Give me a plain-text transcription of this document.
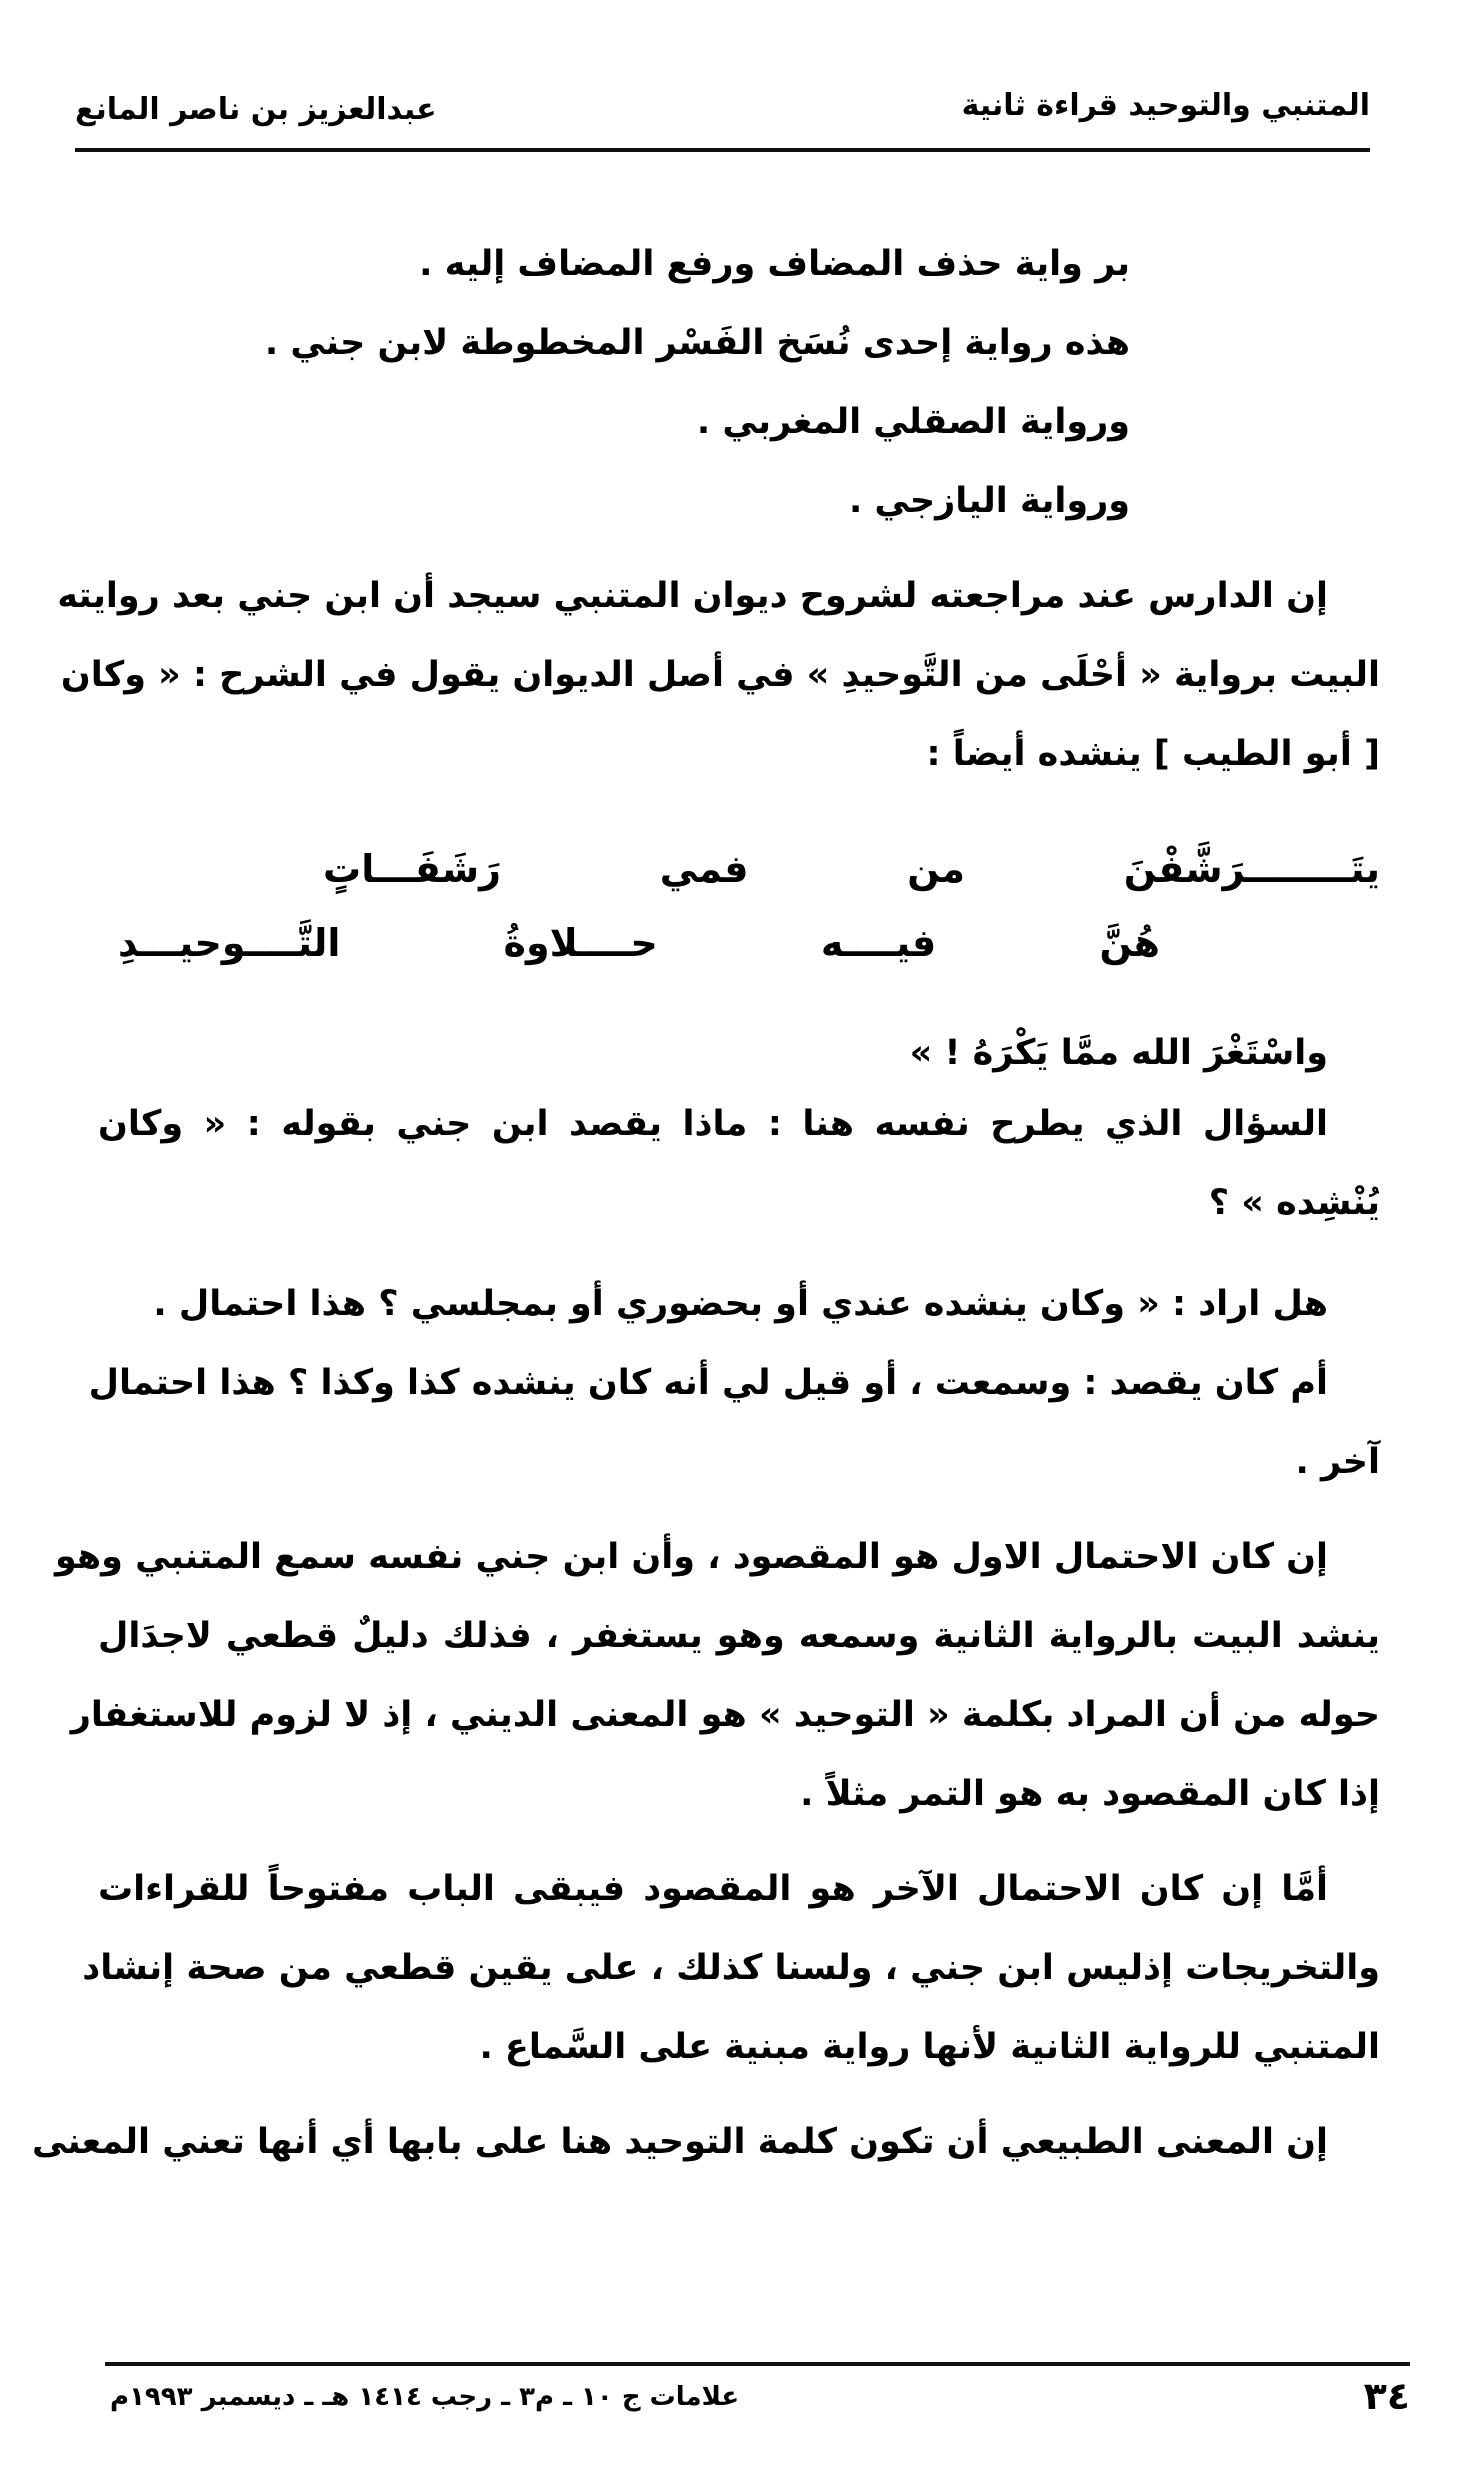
المتنبي والتوحيد قراءة ثانية
عبدالعزيز بن ناصر المانع
بر واية حذف المضاف ورفع المضاف إليه .
هذه رواية إحدى نُسَخ الفَسْر المخطوطة لابن جني .
ورواية الصقلي المغربي .
ورواية اليازجي .
إن الدارس عند مراجعته لشروح ديوان المتنبي سيجد أن ابن جني بعد روايته
البيت برواية « أحْلَى من التَّوحيدِ » في أصل الديوان يقول في الشرح : « وكان
[ أبو الطيب ] ينشده أيضاً :
يتَــــــــرَشَّفْنَ
من
فمي
رَشَفَـــاتٍ
هُنَّ
فيــــه
حــــلاوةُ
التَّــــوحيـــدِ
واسْتَغْرَ الله ممَّا يَكْرَهُ ! »
السؤال الذي يطرح نفسه هنا : ماذا يقصد ابن جني بقوله : « وكان
يُنْشِده » ؟
هل اراد : « وكان ينشده عندي أو بحضوري أو بمجلسي ؟ هذا احتمال .
أم كان يقصد : وسمعت ، أو قيل لي أنه كان ينشده كذا وكذا ؟ هذا احتمال
آخر .
إن كان الاحتمال الاول هو المقصود ، وأن ابن جني نفسه سمع المتنبي وهو
ينشد البيت بالرواية الثانية وسمعه وهو يستغفر ، فذلك دليلٌ قطعي لاجدَال
حوله من أن المراد بكلمة « التوحيد » هو المعنى الديني ، إذ لا لزوم للاستغفار
إذا كان المقصود به هو التمر مثلاً .
أمَّا إن كان الاحتمال الآخر هو المقصود فيبقى الباب مفتوحاً للقراءات
والتخريجات إذليس ابن جني ، ولسنا كذلك ، على يقين قطعي من صحة إنشاد
المتنبي للرواية الثانية لأنها رواية مبنية على السَّماع .
إن المعنى الطبيعي أن تكون كلمة التوحيد هنا على بابها أي أنها تعني المعنى
٣٤
علامات ج ١٠ ـ م٣ ـ رجب ١٤١٤ هـ ـ ديسمبر ١٩٩٣م
